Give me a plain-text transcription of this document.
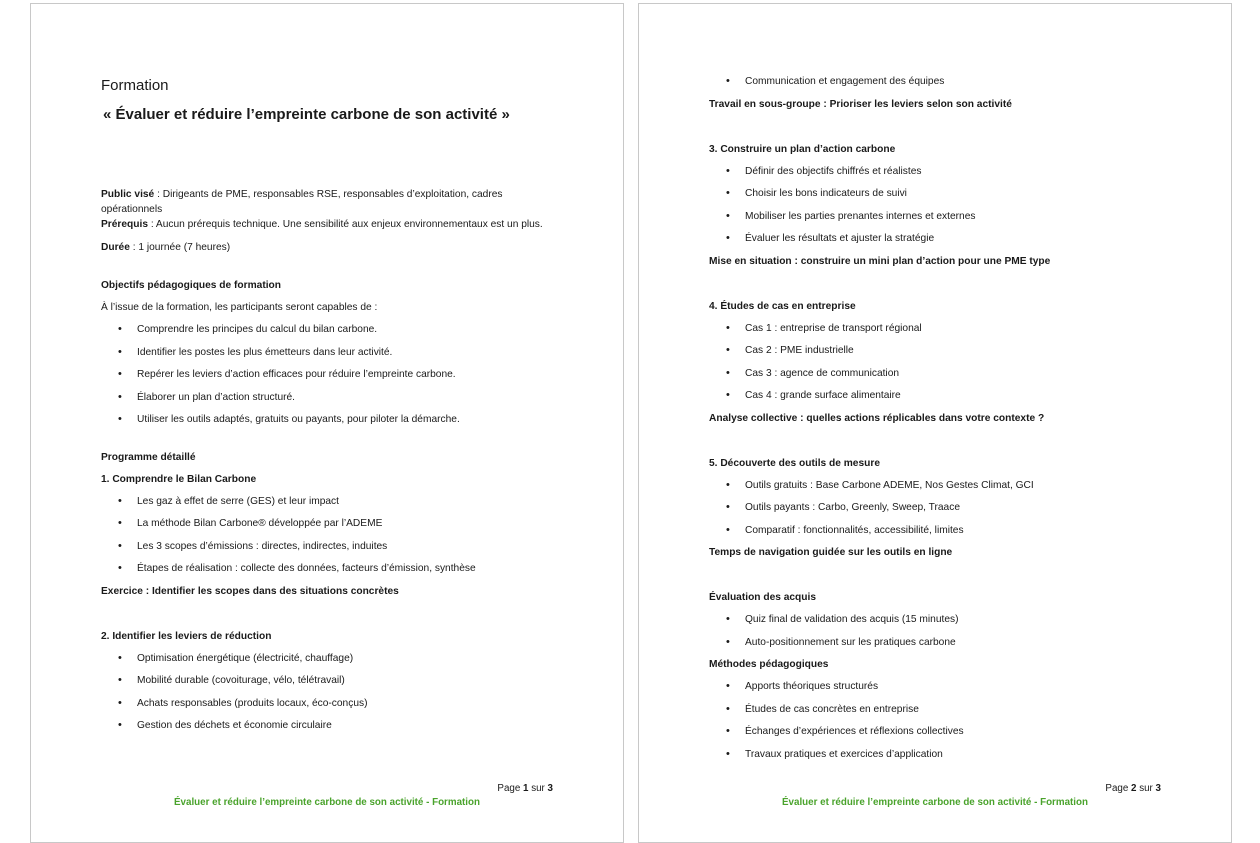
Formation

« Évaluer et réduire l’empreinte carbone de son activité »

Public visé : Dirigeants de PME, responsables RSE, responsables d’exploitation, cadres opérationnels

Prérequis : Aucun prérequis technique. Une sensibilité aux enjeux environnementaux est un plus.

Durée : 1 journée (7 heures)

Objectifs pédagogiques de formation

À l’issue de la formation, les participants seront capables de :

• Comprendre les principes du calcul du bilan carbone.
• Identifier les postes les plus émetteurs dans leur activité.
• Repérer les leviers d’action efficaces pour réduire l’empreinte carbone.
• Élaborer un plan d’action structuré.
• Utiliser les outils adaptés, gratuits ou payants, pour piloter la démarche.

Programme détaillé

1. Comprendre le Bilan Carbone

• Les gaz à effet de serre (GES) et leur impact
• La méthode Bilan Carbone® développée par l’ADEME
• Les 3 scopes d’émissions : directes, indirectes, induites
• Étapes de réalisation : collecte des données, facteurs d’émission, synthèse

Exercice : Identifier les scopes dans des situations concrètes

2. Identifier les leviers de réduction

• Optimisation énergétique (électricité, chauffage)
• Mobilité durable (covoiturage, vélo, télétravail)
• Achats responsables (produits locaux, éco-conçus)
• Gestion des déchets et économie circulaire
Page 1 sur 3
Évaluer et réduire l’empreinte carbone de son activité - Formation
• Communication et engagement des équipes

Travail en sous-groupe : Prioriser les leviers selon son activité

3. Construire un plan d’action carbone

• Définir des objectifs chiffrés et réalistes
• Choisir les bons indicateurs de suivi
• Mobiliser les parties prenantes internes et externes
• Évaluer les résultats et ajuster la stratégie

Mise en situation : construire un mini plan d’action pour une PME type

4. Études de cas en entreprise

• Cas 1 : entreprise de transport régional
• Cas 2 : PME industrielle
• Cas 3 : agence de communication
• Cas 4 : grande surface alimentaire

Analyse collective : quelles actions réplicables dans votre contexte ?

5. Découverte des outils de mesure

• Outils gratuits : Base Carbone ADEME, Nos Gestes Climat, GCI
• Outils payants : Carbo, Greenly, Sweep, Traace
• Comparatif : fonctionnalités, accessibilité, limites

Temps de navigation guidée sur les outils en ligne

Évaluation des acquis

• Quiz final de validation des acquis (15 minutes)
• Auto-positionnement sur les pratiques carbone

Méthodes pédagogiques

• Apports théoriques structurés
• Études de cas concrètes en entreprise
• Échanges d’expériences et réflexions collectives
• Travaux pratiques et exercices d’application
Page 2 sur 3
Évaluer et réduire l’empreinte carbone de son activité - Formation
